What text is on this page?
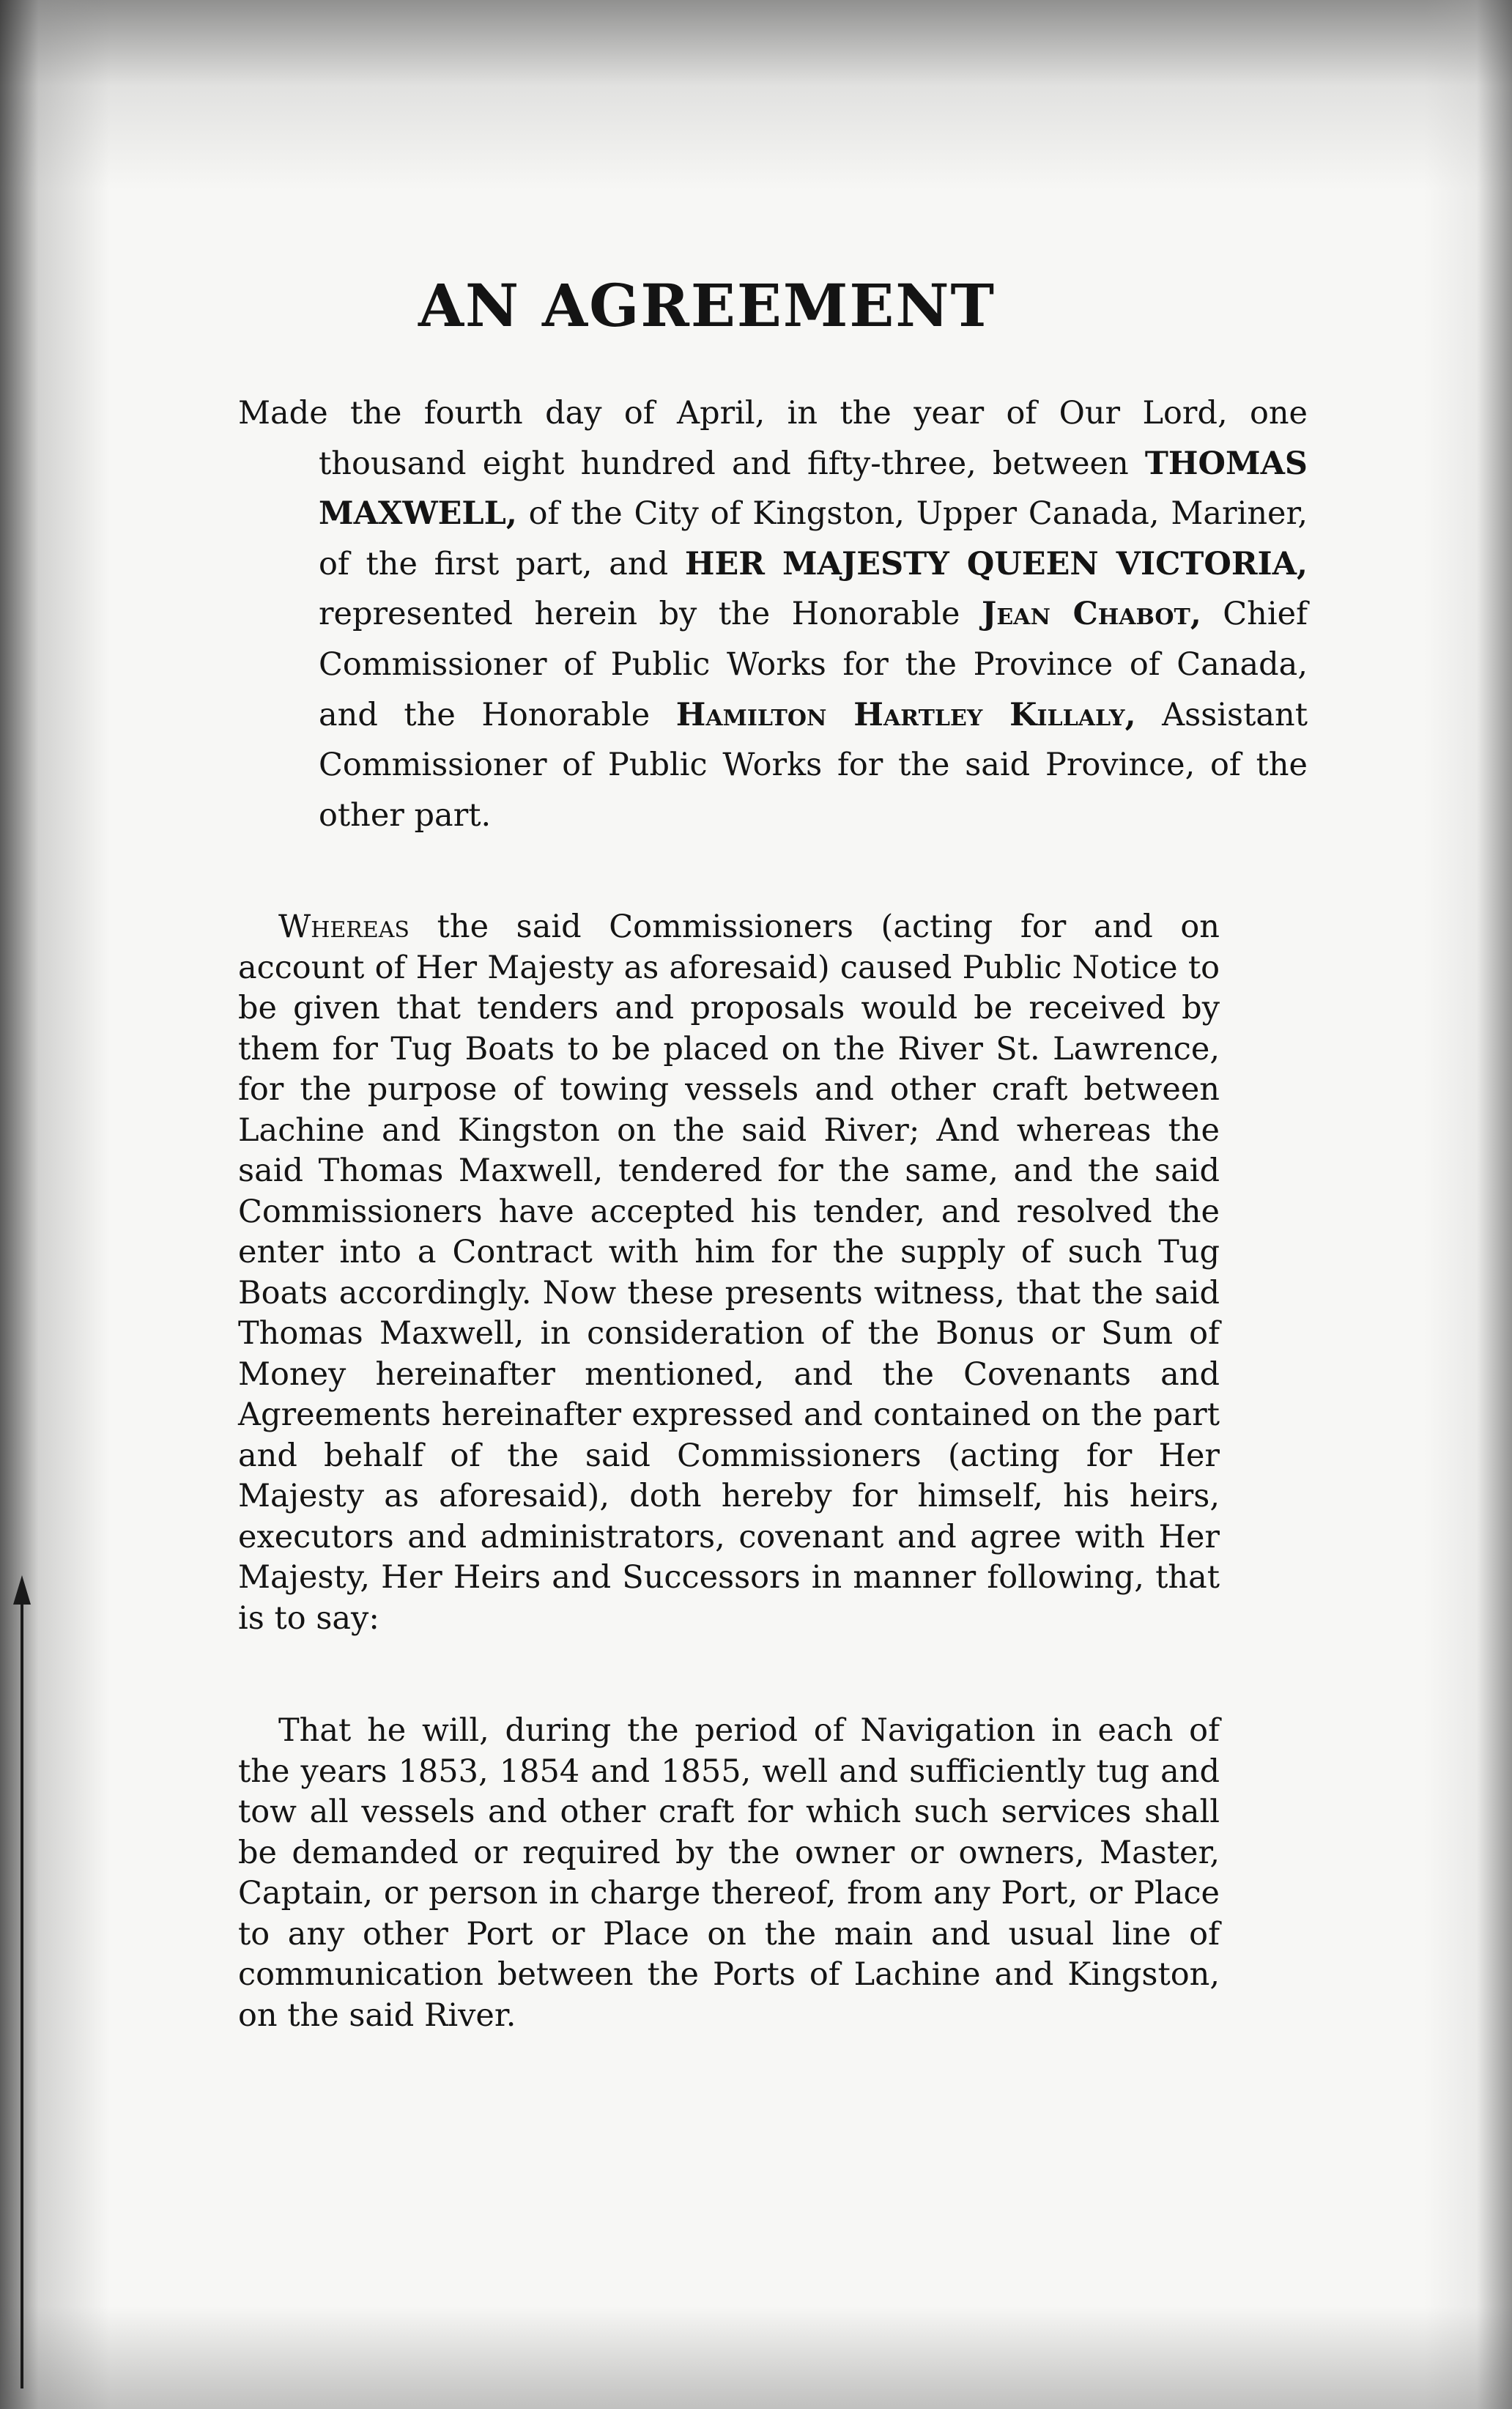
AN AGREEMENT
Made the fourth day of April, in the year of Our Lord, one thousand eight hundred and fifty-three, between THOMAS MAXWELL, of the City of Kingston, Upper Canada, Mariner, of the first part, and HER MAJESTY QUEEN VICTORIA, represented herein by the Honorable Jean Chabot, Chief Commissioner of Public Works for the Province of Canada, and the Honorable Hamilton Hartley Killaly, Assistant Commissioner of Public Works for the said Province, of the other part.
Whereas the said Commissioners (acting for and on account of Her Majesty as aforesaid) caused Public Notice to be given that tenders and proposals would be received by them for Tug Boats to be placed on the River St. Lawrence, for the purpose of towing vessels and other craft between Lachine and Kingston on the said River; And whereas the said Thomas Maxwell, tendered for the same, and the said Commissioners have accepted his tender, and resolved the enter into a Contract with him for the supply of such Tug Boats accordingly. Now these presents witness, that the said Thomas Maxwell, in consideration of the Bonus or Sum of Money hereinafter mentioned, and the Covenants and Agreements hereinafter expressed and contained on the part and behalf of the said Commissioners (acting for Her Majesty as aforesaid), doth hereby for himself, his heirs, executors and administrators, covenant and agree with Her Majesty, Her Heirs and Successors in manner following, that is to say:
That he will, during the period of Navigation in each of the years 1853, 1854 and 1855, well and sufficiently tug and tow all vessels and other craft for which such services shall be demanded or required by the owner or owners, Master, Captain, or person in charge thereof, from any Port, or Place to any other Port or Place on the main and usual line of communication between the Ports of Lachine and Kingston, on the said River.
